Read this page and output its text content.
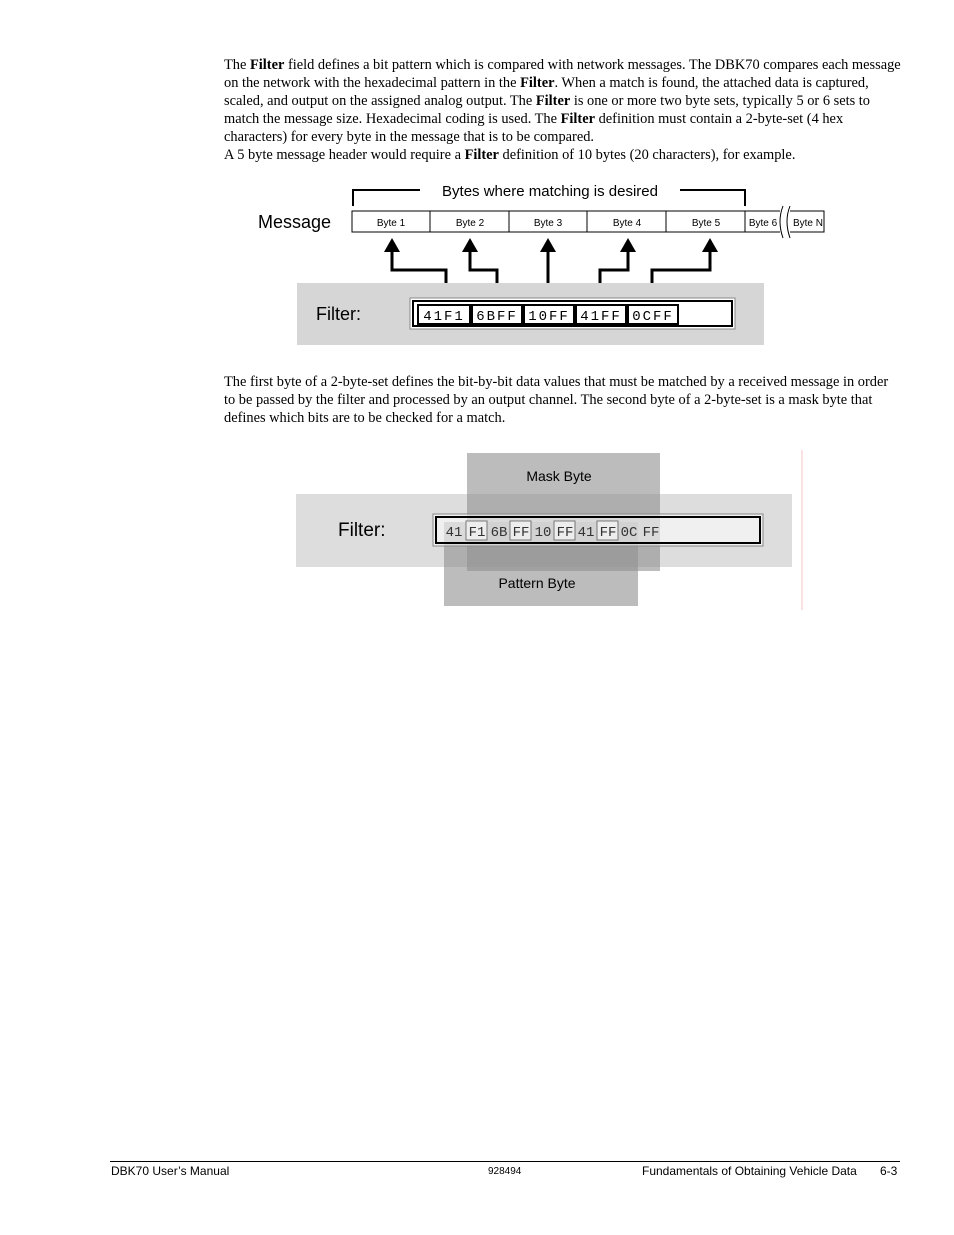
The Filter field defines a bit pattern which is compared with network messages. The DBK70 compares each message on the network with the hexadecimal pattern in the Filter. When a match is found, the attached data is captured, scaled, and output on the assigned analog output. The Filter is one or more two byte sets, typically 5 or 6 sets to match the message size. Hexadecimal coding is used. The Filter definition must contain a 2-byte-set (4 hex characters) for every byte in the message that is to be compared.
A 5 byte message header would require a Filter definition of 10 bytes (20 characters), for example.

Bytes where matching is desired
Message	Byte 1	Byte 2	Byte 3	Byte 4	Byte 5	Byte 6 Byte N
Filter:	41F1 6BFF 10FF 41FF 0CFF

The first byte of a 2-byte-set defines the bit-by-bit data values that must be matched by a received message in order to be passed by the filter and processed by an output channel. The second byte of a 2-byte-set is a mask byte that defines which bits are to be checked for a match.

Mask Byte
Pattern Byte
Filter:	41 F1 6B FF 10 FF 41 FF 0C FF
DBK70 User’s Manual	928494	Fundamentals of Obtaining Vehicle Data 6-3
